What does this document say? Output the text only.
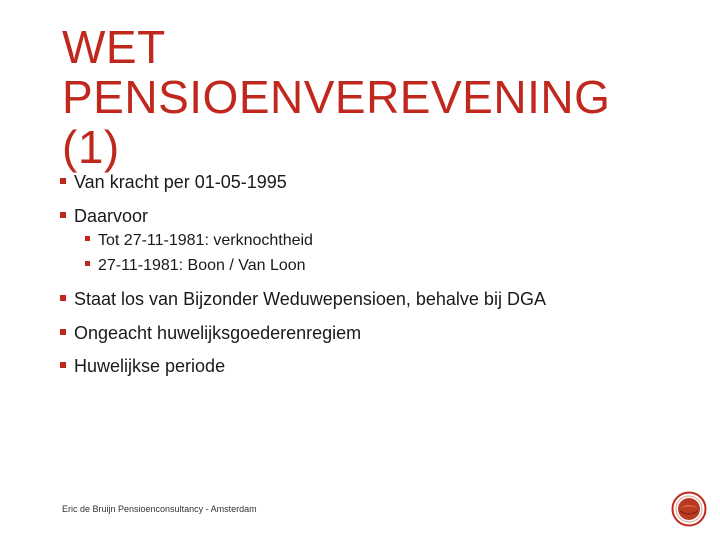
WET
PENSIOENVEREVENING
(1)
Van kracht per 01-05-1995
Daarvoor
Tot 27-11-1981: verknochtheid
27-11-1981: Boon / Van Loon
Staat los van Bijzonder Weduwepensioen, behalve bij DGA
Ongeacht huwelijksgoederenregiem
Huwelijkse periode
Eric de Bruijn Pensioenconsultancy - Amsterdam
